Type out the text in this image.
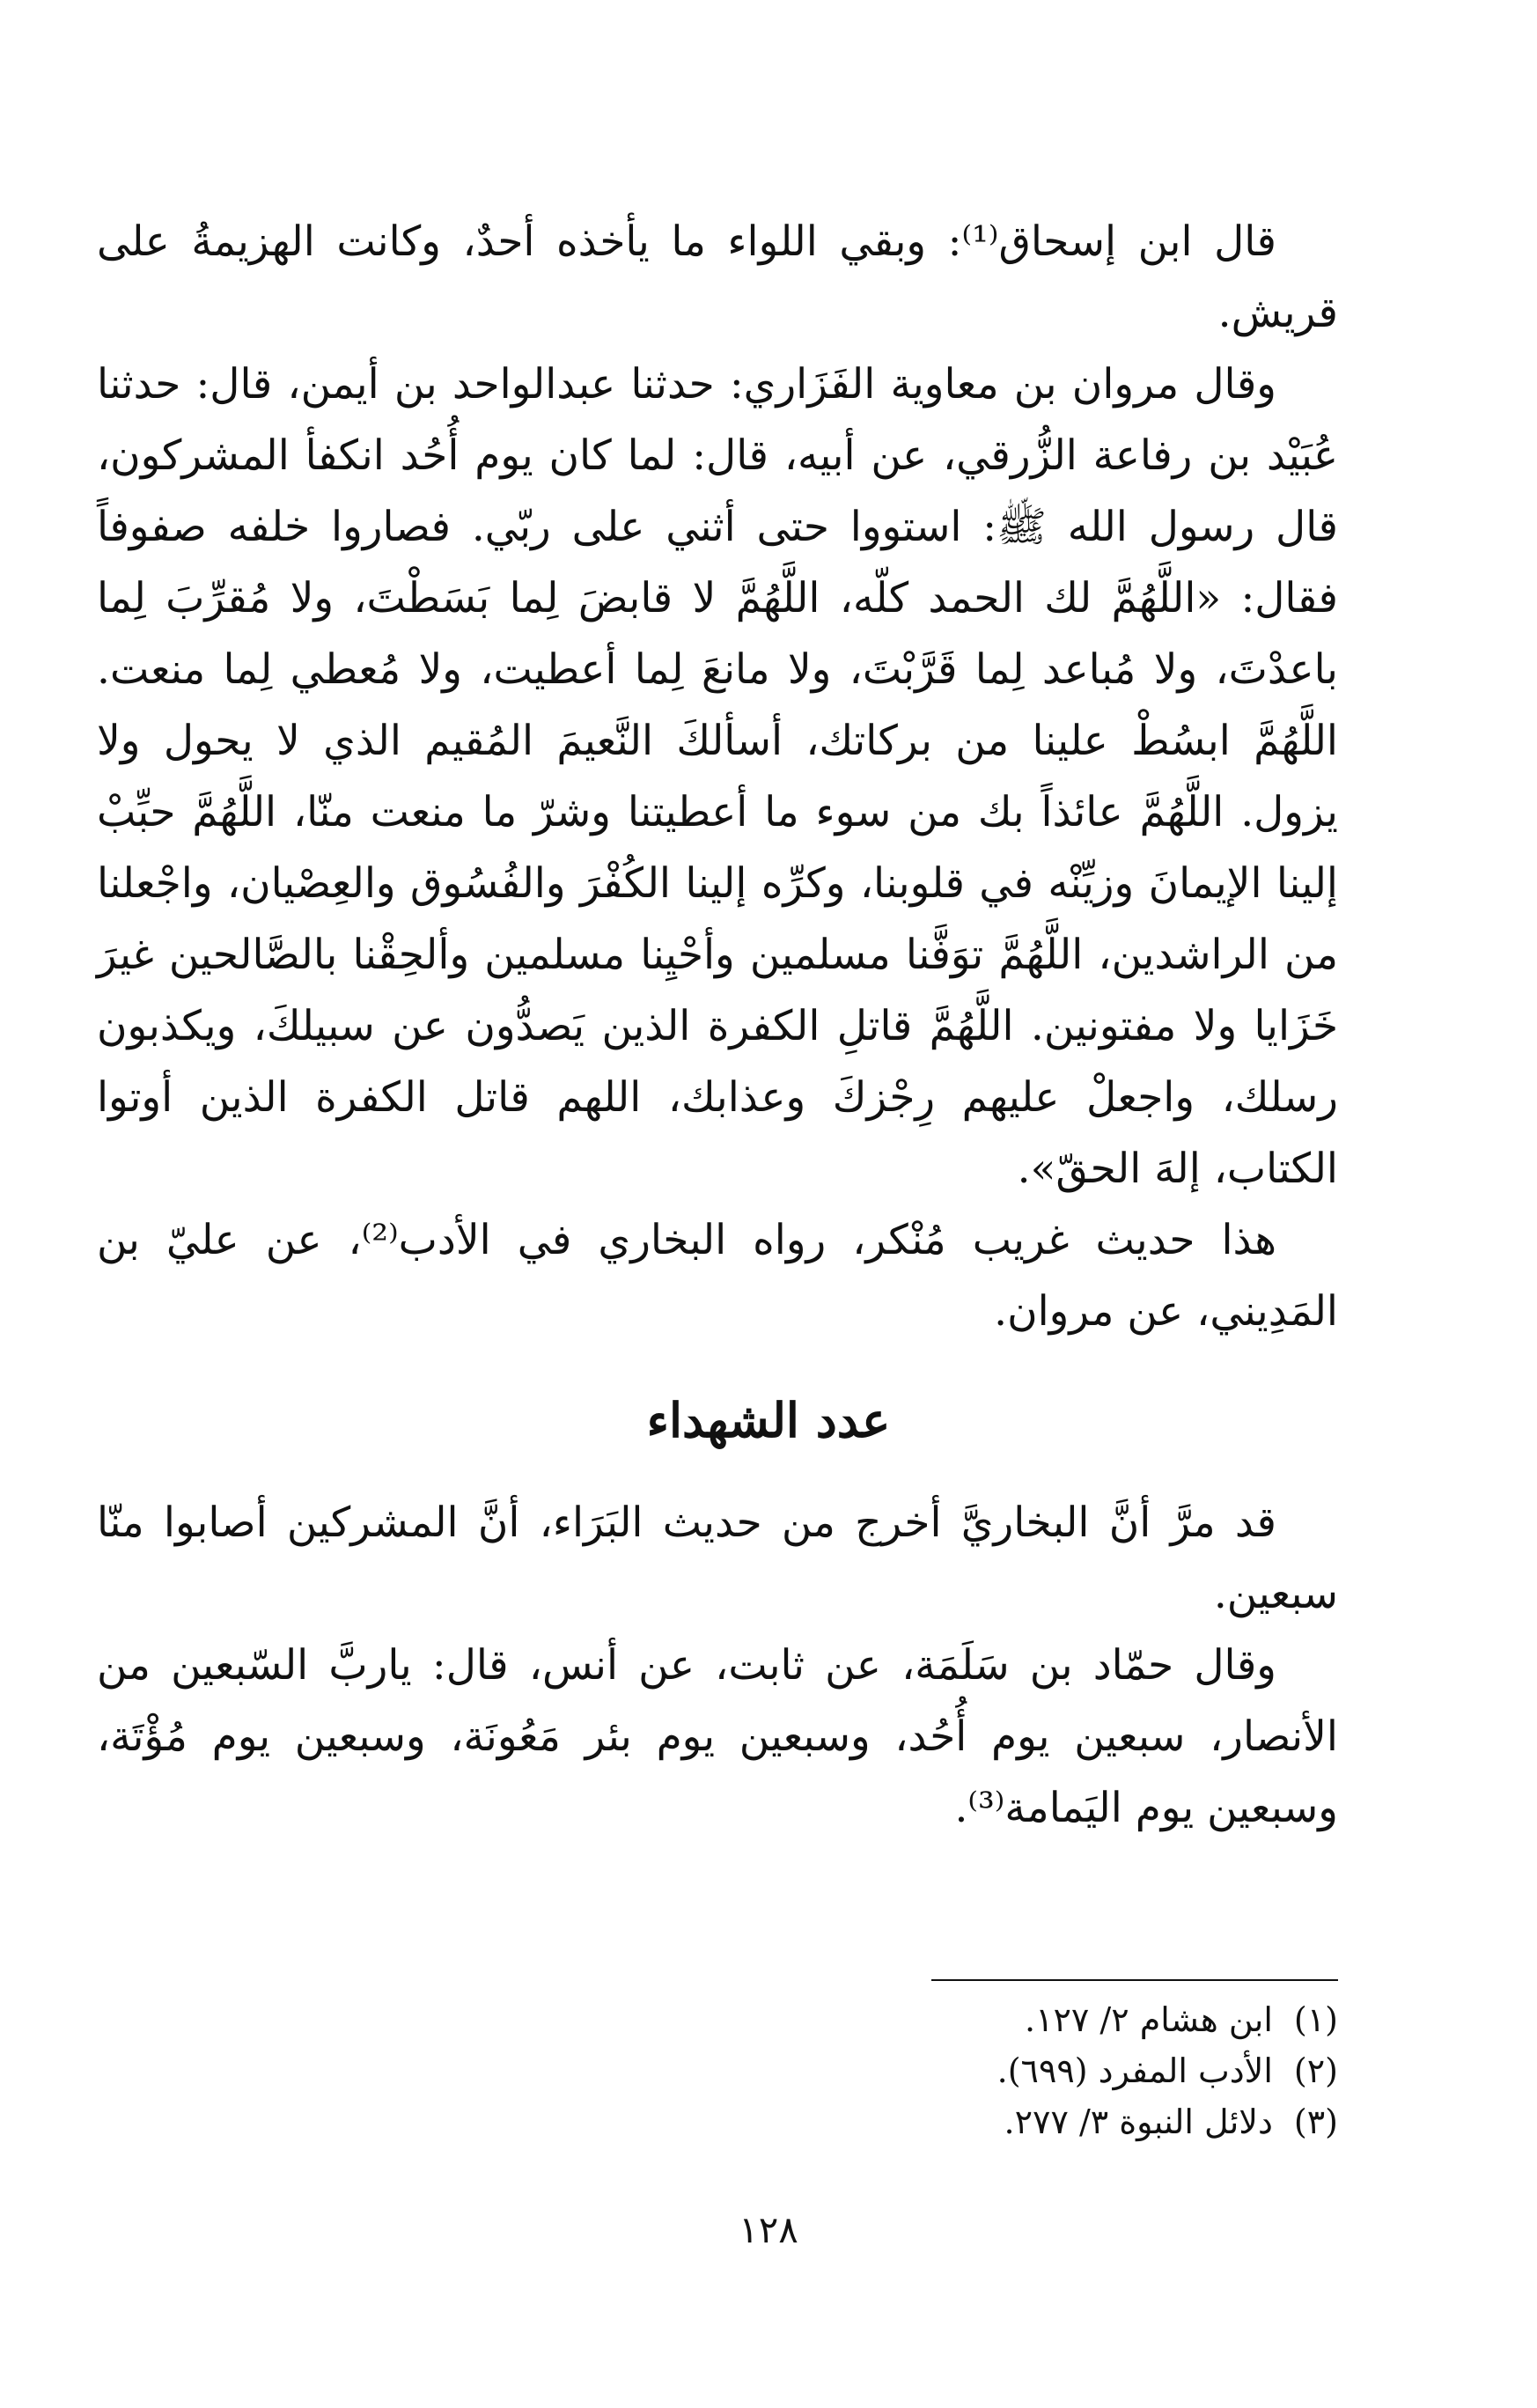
قال ابن إسحاق⁽¹⁾: وبقي اللواء ما يأخذه أحدٌ، وكانت الهزيمةُ على قريش.

وقال مروان بن معاوية الفَزَاري: حدثنا عبدالواحد بن أيمن، قال: حدثنا عُبَيْد بن رفاعة الزُّرقي، عن أبيه، قال: لما كان يوم أُحُد انكفأ المشركون، قال رسول الله ﷺ: استووا حتى أثني على ربّي. فصاروا خلفه صفوفاً فقال: «اللَّهُمَّ لك الحمد كلّه، اللَّهُمَّ لا قابضَ لِما بَسَطْتَ، ولا مُقرِّبَ لِما باعدْتَ، ولا مُباعد لِما قَرَّبْتَ، ولا مانعَ لِما أعطيت، ولا مُعطي لِما منعت. اللَّهُمَّ ابسُطْ علينا من بركاتك، أسألكَ النَّعيمَ المُقيم الذي لا يحول ولا يزول. اللَّهُمَّ عائذاً بك من سوء ما أعطيتنا وشرّ ما منعت منّا، اللَّهُمَّ حبِّبْ إلينا الإيمانَ وزيِّنْه في قلوبنا، وكرِّه إلينا الكُفْرَ والفُسُوق والعِصْيان، واجْعلنا من الراشدين، اللَّهُمَّ توَفَّنا مسلمين وأحْيِنا مسلمين وألحِقْنا بالصَّالحين غيرَ خَزَايا ولا مفتونين. اللَّهُمَّ قاتلِ الكفرة الذين يَصدُّون عن سبيلكَ، ويكذبون رسلك، واجعلْ عليهم رِجْزكَ وعذابك، اللهم قاتل الكفرة الذين أوتوا الكتاب، إلهَ الحقّ».

هذا حديث غريب مُنْكر، رواه البخاري في الأدب⁽²⁾، عن عليّ بن المَدِيني، عن مروان.

عدد الشهداء

قد مرَّ أنَّ البخاريَّ أخرج من حديث البَرَاء، أنَّ المشركين أصابوا منّا سبعين.

وقال حمّاد بن سَلَمَة، عن ثابت، عن أنس، قال: ياربَّ السّبعين من الأنصار، سبعين يوم أُحُد، وسبعين يوم بئر مَعُونَة، وسبعين يوم مُؤْتَة، وسبعين يوم اليَمامة⁽³⁾.

(١) ابن هشام ٢/ ١٢٧.
(٢) الأدب المفرد (٦٩٩).
(٣) دلائل النبوة ٣/ ٢٧٧.
١٢٨
